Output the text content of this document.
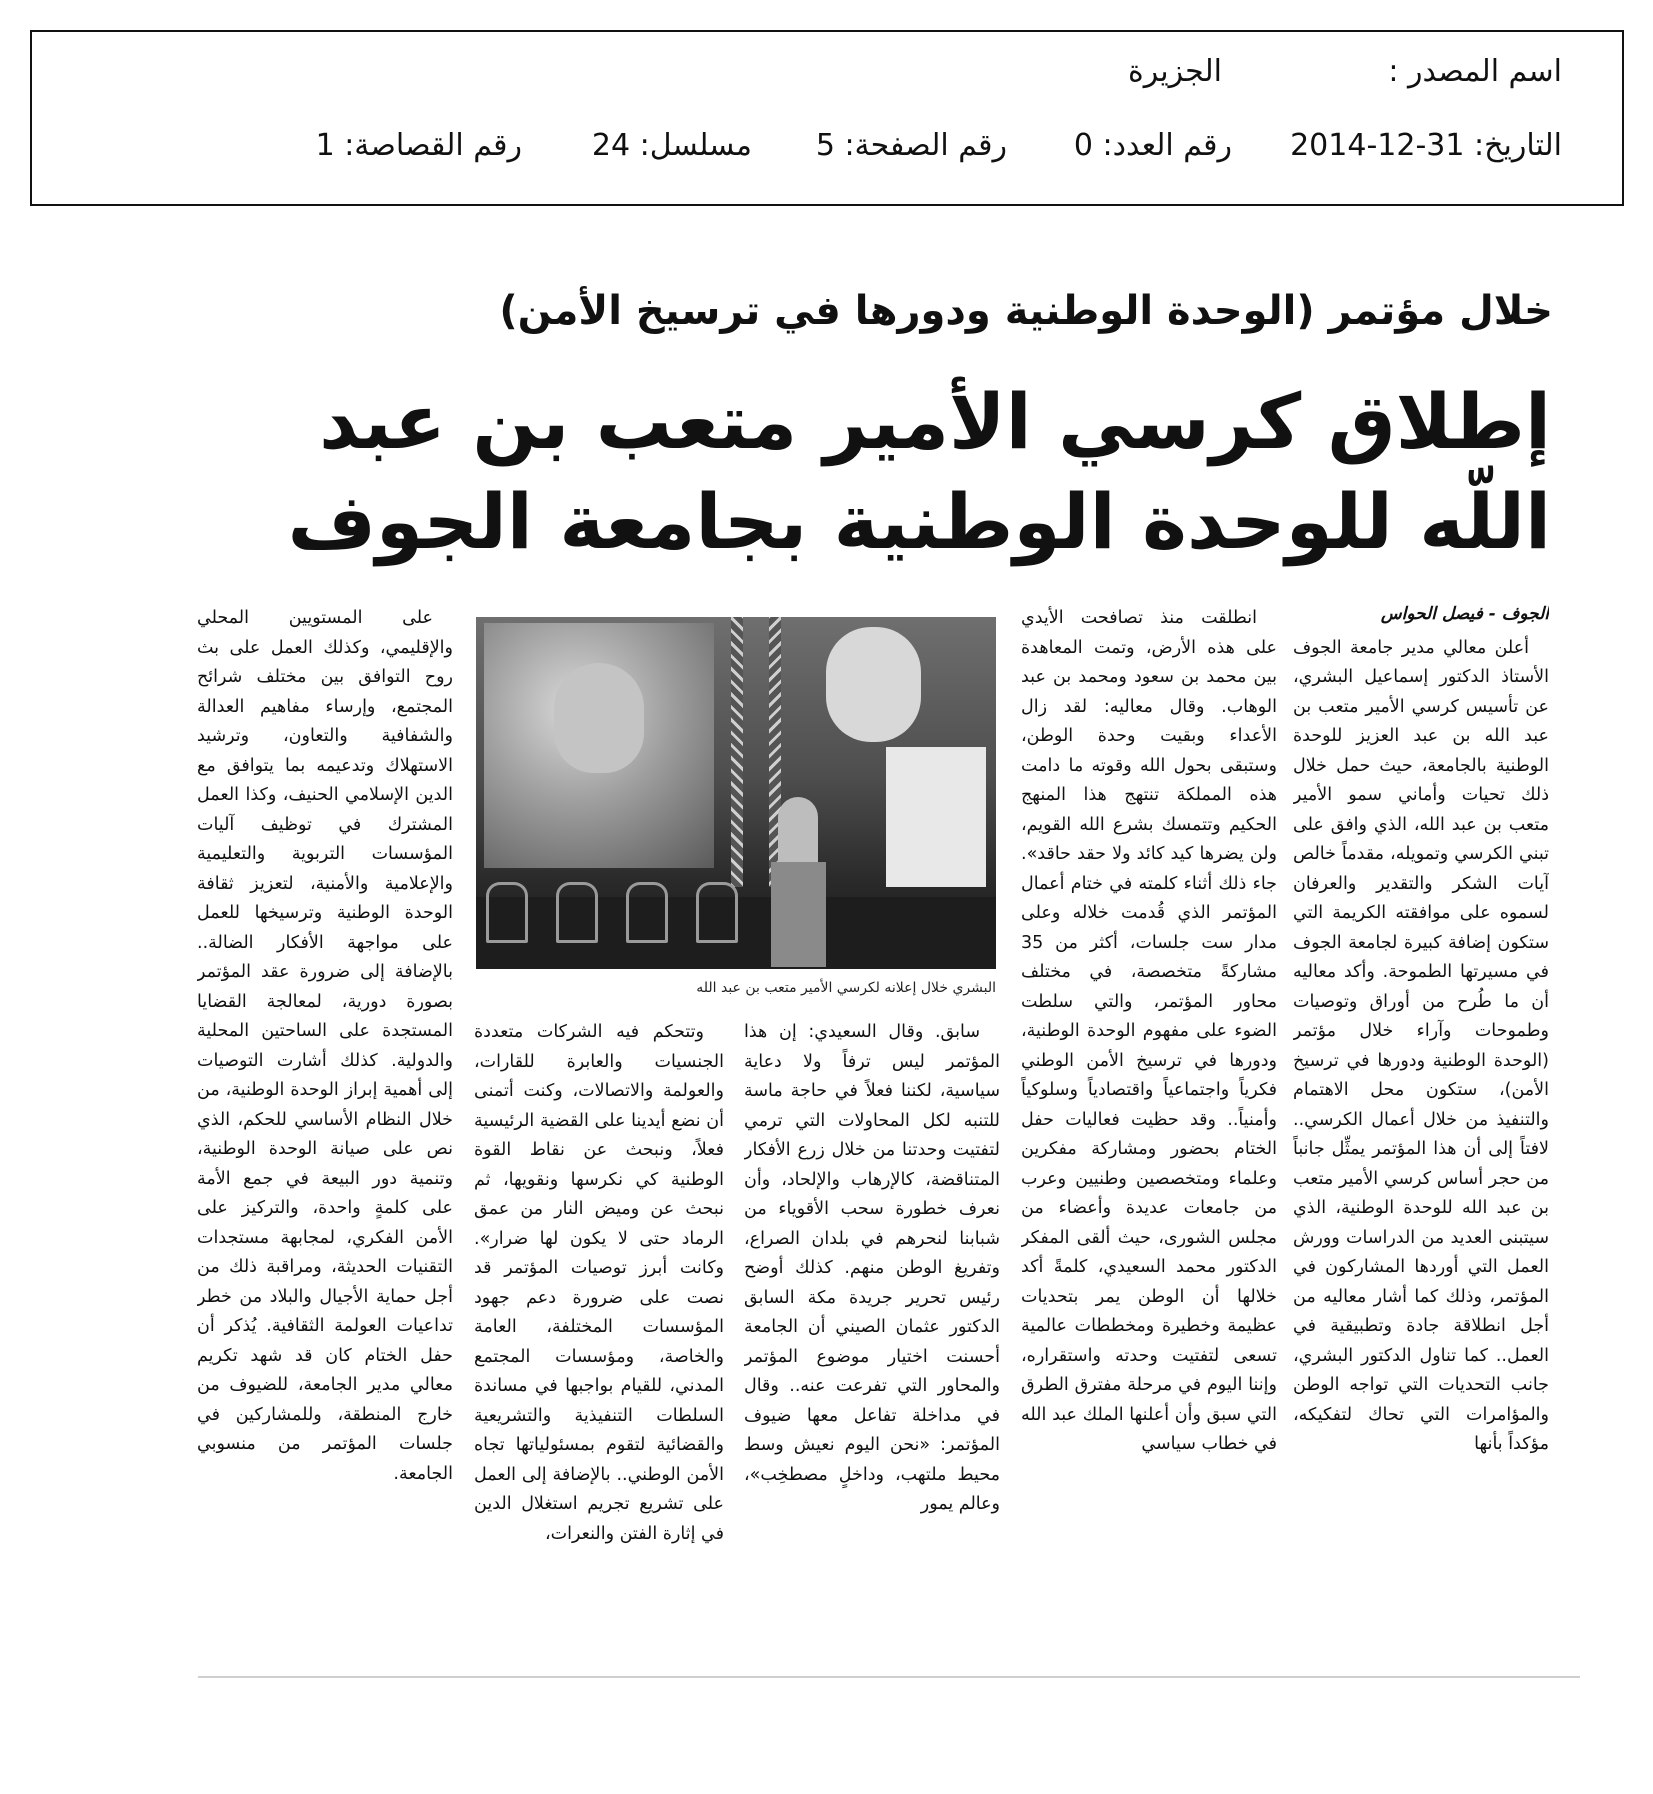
اسم المصدر :
الجزيرة
التاريخ: 31-12-2014
رقم العدد: 0
رقم الصفحة: 5
مسلسل: 24
رقم القصاصة: 1
خلال مؤتمر (الوحدة الوطنية ودورها في ترسيخ الأمن)
إطلاق كرسي الأمير متعب بن عبد اللّه للوحدة الوطنية بجامعة الجوف
الجوف - فيصل الحواس

أعلن معالي مدير جامعة الجوف الأستاذ الدكتور إسماعيل البشري، عن تأسيس كرسي الأمير متعب بن عبد الله بن عبد العزيز للوحدة الوطنية بالجامعة، حيث حمل خلال ذلك تحيات وأماني سمو الأمير متعب بن عبد الله، الذي وافق على تبني الكرسي وتمويله، مقدماً خالص آيات الشكر والتقدير والعرفان لسموه على موافقته الكريمة التي ستكون إضافة كبيرة لجامعة الجوف في مسيرتها الطموحة. وأكد معاليه أن ما طُرح من أوراق وتوصيات وطموحات وآراء خلال مؤتمر (الوحدة الوطنية ودورها في ترسيخ الأمن)، ستكون محل الاهتمام والتنفيذ من خلال أعمال الكرسي.. لافتاً إلى أن هذا المؤتمر يمثِّل جانباً من حجر أساس كرسي الأمير متعب بن عبد الله للوحدة الوطنية، الذي سيتبنى العديد من الدراسات وورش العمل التي أوردها المشاركون في المؤتمر، وذلك كما أشار معاليه من أجل انطلاقة جادة وتطبيقية في العمل.. كما تناول الدكتور البشري، جانب التحديات التي تواجه الوطن والمؤامرات التي تحاك لتفكيكه، مؤكداً بأنها

انطلقت منذ تصافحت الأيدي على هذه الأرض، وتمت المعاهدة بين محمد بن سعود ومحمد بن عبد الوهاب. وقال معاليه: لقد زال الأعداء وبقيت وحدة الوطن، وستبقى بحول الله وقوته ما دامت هذه المملكة تنتهج هذا المنهج الحكيم وتتمسك بشرع الله القويم، ولن يضرها كيد كائد ولا حقد حاقد». جاء ذلك أثناء كلمته في ختام أعمال المؤتمر الذي قُدمت خلاله وعلى مدار ست جلسات، أكثر من 35 مشاركةً متخصصة، في مختلف محاور المؤتمر، والتي سلطت الضوء على مفهوم الوحدة الوطنية، ودورها في ترسيخ الأمن الوطني فكرياً واجتماعياً واقتصادياً وسلوكياً وأمنياً.. وقد حظيت فعاليات حفل الختام بحضور ومشاركة مفكرين وعلماء ومتخصصين وطنيين وعرب من جامعات عديدة وأعضاء من مجلس الشورى، حيث ألقى المفكر الدكتور محمد السعيدي، كلمةً أكد خلالها أن الوطن يمر بتحديات عظيمة وخطيرة ومخططات عالمية تسعى لتفتيت وحدته واستقراره، وإننا اليوم في مرحلة مفترق الطرق التي سبق وأن أعلنها الملك عبد الله في خطاب سياسي

البشري خلال إعلانه لكرسي الأمير متعب بن عبد الله

سابق. وقال السعيدي: إن هذا المؤتمر ليس ترفاً ولا دعاية سياسية، لكننا فعلاً في حاجة ماسة للتنبه لكل المحاولات التي ترمي لتفتيت وحدتنا من خلال زرع الأفكار المتناقضة، كالإرهاب والإلحاد، وأن نعرف خطورة سحب الأقوياء من شبابنا لنحرهم في بلدان الصراع، وتفريغ الوطن منهم. كذلك أوضح رئيس تحرير جريدة مكة السابق الدكتور عثمان الصيني أن الجامعة أحسنت اختيار موضوع المؤتمر والمحاور التي تفرعت عنه.. وقال في مداخلة تفاعل معها ضيوف المؤتمر: «نحن اليوم نعيش وسط محيط ملتهب، وداخلٍ مصطخِب»، وعالم يمور

وتتحكم فيه الشركات متعددة الجنسيات والعابرة للقارات، والعولمة والاتصالات، وكنت أتمنى أن نضع أيدينا على القضية الرئيسية فعلاً، ونبحث عن نقاط القوة الوطنية كي نكرسها ونقويها، ثم نبحث عن وميض النار من عمق الرماد حتى لا يكون لها ضرار». وكانت أبرز توصيات المؤتمر قد نصت على ضرورة دعم جهود المؤسسات المختلفة، العامة والخاصة، ومؤسسات المجتمع المدني، للقيام بواجبها في مساندة السلطات التنفيذية والتشريعية والقضائية لتقوم بمسئولياتها تجاه الأمن الوطني.. بالإضافة إلى العمل على تشريع تجريم استغلال الدين في إثارة الفتن والنعرات،

على المستويين المحلي والإقليمي، وكذلك العمل على بث روح التوافق بين مختلف شرائح المجتمع، وإرساء مفاهيم العدالة والشفافية والتعاون، وترشيد الاستهلاك وتدعيمه بما يتوافق مع الدين الإسلامي الحنيف، وكذا العمل المشترك في توظيف آليات المؤسسات التربوية والتعليمية والإعلامية والأمنية، لتعزيز ثقافة الوحدة الوطنية وترسيخها للعمل على مواجهة الأفكار الضالة.. بالإضافة إلى ضرورة عقد المؤتمر بصورة دورية، لمعالجة القضايا المستجدة على الساحتين المحلية والدولية. كذلك أشارت التوصيات إلى أهمية إبراز الوحدة الوطنية، من خلال النظام الأساسي للحكم، الذي نص على صيانة الوحدة الوطنية، وتنمية دور البيعة في جمع الأمة على كلمةٍ واحدة، والتركيز على الأمن الفكري، لمجابهة مستجدات التقنيات الحديثة، ومراقبة ذلك من أجل حماية الأجيال والبلاد من خطر تداعيات العولمة الثقافية. يُذكر أن حفل الختام كان قد شهد تكريم معالي مدير الجامعة، للضيوف من خارج المنطقة، وللمشاركين في جلسات المؤتمر من منسوبي الجامعة.
